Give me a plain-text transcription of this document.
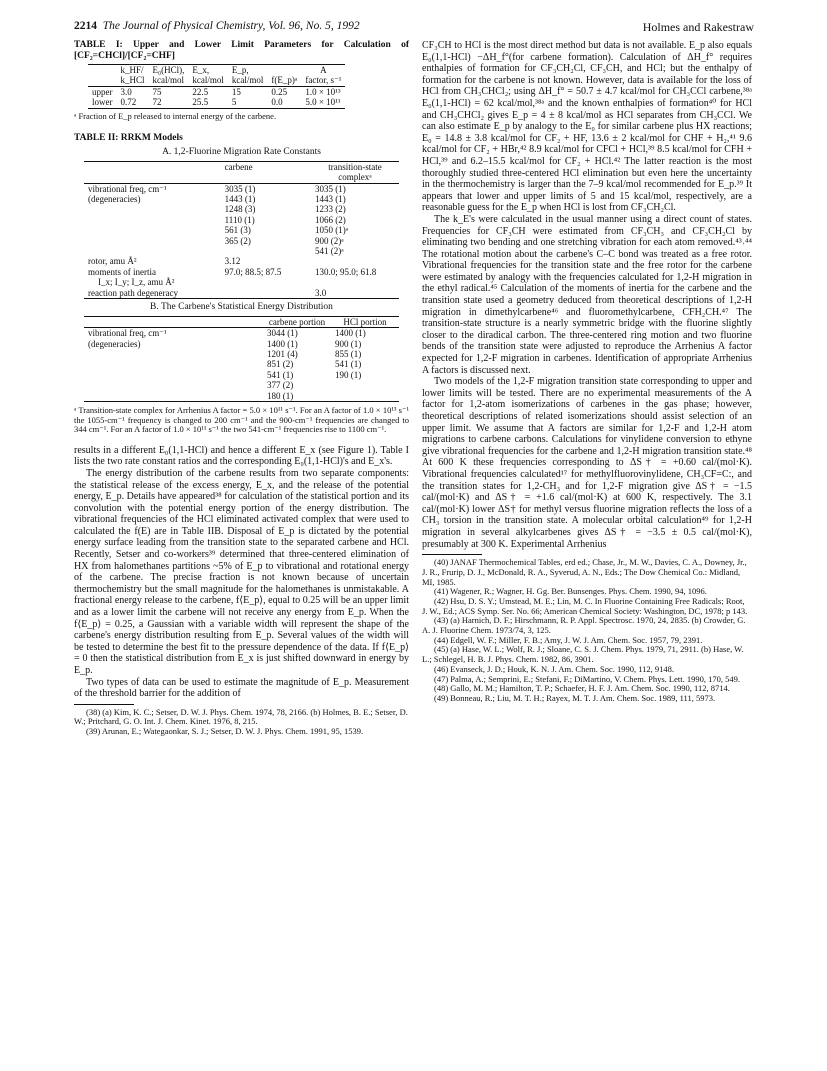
2214 The Journal of Physical Chemistry, Vol. 96, No. 5, 1992	Holmes and Rakestraw

TABLE I: Upper and Lower Limit Parameters for Calculation of [CF₂=CHCl]/[CF₂=CHF]

	k_HF/	E₀(HCl),	E_x,	E_p,		A
	k_HCl	kcal/mol	kcal/mol	kcal/mol	f(E_p)ᵃ	factor, s⁻¹
upper	3.0	75	22.5	15	0.25	1.0 × 10¹³
lower	0.72	72	25.5	5	0.0	5.0 × 10¹¹

ᵃ Fraction of E_p released to internal energy of the carbene.

TABLE II: RRKM Models

A. 1,2-Fluorine Migration Rate Constants
	carbene	transition-state complexᵃ
vibrational freq, cm⁻¹	3035 (1)	3035 (1)
(degeneracies)	1443 (1)	1443 (1)
	1248 (3)	1233 (2)
	1110 (1)	1066 (2)
	561 (3)	1050 (1)ᵃ
	365 (2)	900 (2)ᵃ
		541 (2)ᵃ
rotor, amu Å²	3.12	
moments of inertia	97.0; 88.5; 87.5	130.0; 95.0; 61.8
I_x; I_y; I_z, amu Å²		
reaction path degeneracy		3.0
B. The Carbene's Statistical Energy Distribution
	carbene portion	HCl portion
vibrational freq, cm⁻¹	3044 (1)	1400 (1)
(degeneracies)	1400 (1)	900 (1)
	1201 (4)	855 (1)
	851 (2)	541 (1)
	541 (1)	190 (1)
	377 (2)	
	180 (1)	

ᵃ Transition-state complex for Arrhenius A factor = 5.0 × 10¹¹ s⁻¹. For an A factor of 1.0 × 10¹³ s⁻¹ the 1055-cm⁻¹ frequency is changed to 200 cm⁻¹ and the 900-cm⁻¹ frequencies are changed to 344 cm⁻¹. For an A factor of 1.0 × 10¹¹ s⁻¹ the two 541-cm⁻¹ frequencies rise to 1100 cm⁻¹.

results in a different E₀(1,1-HCl) and hence a different E_x (see Figure 1). Table I lists the two rate constant ratios and the corresponding E₀(1,1-HCl)'s and E_x's.

The energy distribution of the carbene results from two separate components: the statistical release of the excess energy, E_x, and the release of the potential energy, E_p. Details have appeared³⁸ for calculation of the statistical portion and its convolution with the potential energy portion of the energy distribution. The vibrational frequencies of the HCl eliminated activated complex that were used to calculated the f(E) are in Table IIB. Disposal of E_p is dictated by the potential energy surface leading from the transition state to the separated carbene and HCl. Recently, Setser and co-workers³⁹ determined that three-centered elimination of HX from halomethanes partitions ~5% of E_p to vibrational and rotational energy of the carbene. The precise fraction is not known because of uncertain thermochemistry but the small magnitude for the halomethanes is unmistakable. A fractional energy release to the carbene, f⟨E_p⟩, equal to 0.25 will be an upper limit and as a lower limit the carbene will not receive any energy from E_p. When the f⟨E_p⟩ = 0.25, a Gaussian with a variable width will represent the shape of the carbene's energy distribution resulting from E_p. Several values of the width will be tested to determine the best fit to the pressure dependence of the data. If f⟨E_p⟩ = 0 then the statistical distribution from E_x is just shifted downward in energy by E_p.

Two types of data can be used to estimate the magnitude of E_p. Measurement of the threshold barrier for the addition of

(38) (a) Kim, K. C.; Setser, D. W. J. Phys. Chem. 1974, 78, 2166. (b) Holmes, B. E.; Setser, D. W.; Pritchard, G. O. Int. J. Chem. Kinet. 1976, 8, 215.

(39) Arunan, E.; Wategaonkar, S. J.; Setser, D. W. J. Phys. Chem. 1991, 95, 1539.

CF₃CH to HCl is the most direct method but data is not available. E_p also equals E₀(1,1-HCl) −ΔH_f°(for carbene formation). Calculation of ΔH_f° requires enthalpies of formation for CF₃CH₂Cl, CF₃CH, and HCl; but the enthalpy of formation for the carbene is not known. However, data is available for the loss of HCl from CH₃CHCl₂; using ΔH_f° = 50.7 ± 4.7 kcal/mol for CH₃CCl carbene,³⁸ᵃ E₀(1,1-HCl) = 62 kcal/mol,³⁸ᵃ and the known enthalpies of formation⁴⁰ for HCl and CH₃CHCl₂ gives E_p = 4 ± 8 kcal/mol as HCl separates from CH₃CCl. We can also estimate E_p by analogy to the E₀ for similar carbene plus HX reactions; E₀ = 14.8 ± 3.8 kcal/mol for CF₂ + HF, 13.6 ± 2 kcal/mol for CHF + H₂,⁴¹ 9.6 kcal/mol for CF₂ + HBr,⁴² 8.9 kcal/mol for CFCl + HCl,³⁹ 8.5 kcal/mol for CFH + HCl,³⁹ and 6.2–15.5 kcal/mol for CF₂ + HCl.⁴² The latter reaction is the most thoroughly studied three-centered HCl elimination but even here the uncertainty in the thermochemistry is larger than the 7–9 kcal/mol recommended for E_p.³⁹ It appears that lower and upper limits of 5 and 15 kcal/mol, respectively, are a reasonable guess for the E_p when HCl is lost from CF₃CH₂Cl.

The k_E's were calculated in the usual manner using a direct count of states. Frequencies for CF₃CH were estimated from CF₃CH₃ and CF₃CH₂Cl by eliminating two bending and one stretching vibration for each atom removed.⁴³˒⁴⁴ The rotational motion about the carbene's C–C bond was treated as a free rotor. Vibrational frequencies for the transition state and the free rotor for the carbene were estimated by analogy with the frequencies calculated for 1,2-H migration in the ethyl radical.⁴⁵ Calculation of the moments of inertia for the carbene and the transition state used a geometry deduced from theoretical descriptions of 1,2-H migration in dimethylcarbene⁴⁶ and fluoromethylcarbene, CFH₂CH.⁴⁷ The transition-state structure is a nearly symmetric bridge with the fluorine slightly closer to the diradical carbon. The three-centered ring motion and two fluorine bends of the transition state were adjusted to reproduce the Arrhenius A factor expected for 1,2-F migration in carbenes. Identification of appropriate Arrhenius A factors is discussed next.

Two models of the 1,2-F migration transition state corresponding to upper and lower limits will be tested. There are no experimental measurements of the A factor for 1,2-atom isomerizations of carbenes in the gas phase; however, theoretical descriptions of related isomerizations should assist selection of an upper limit. We assume that A factors are similar for 1,2-F and 1,2-H atom migrations to carbene carbons. Calculations for vinylidene conversion to ethyne give vibrational frequencies for the carbene and 1,2-H migration transition state.⁴⁸ At 600 K these frequencies corresponding to ΔS† = +0.60 cal/(mol·K). Vibrational frequencies calculated¹⁷ for methylfluorovinylidene, CH₃CF=C:, and the transition states for 1,2-CH₃ and for 1,2-F migration give ΔS† = −1.5 cal/(mol·K) and ΔS† = +1.6 cal/(mol·K) at 600 K, respectively. The 3.1 cal/(mol·K) lower ΔS† for methyl versus fluorine migration reflects the loss of a CH₃ torsion in the transition state. A molecular orbital calculation⁴⁹ for 1,2-H migration in several alkylcarbenes gives ΔS† = −3.5 ± 0.5 cal/(mol·K), presumably at 300 K. Experimental Arrhenius

(40) JANAF Thermochemical Tables, erd ed.; Chase, Jr., M. W., Davies, C. A., Downey, Jr., J. R., Frurip, D. J., McDonald, R. A., Syverud, A. N., Eds.; The Dow Chemical Co.: Midland, MI, 1985.

(41) Wagener, R.; Wagner, H. Gg. Ber. Bunsenges. Phys. Chem. 1990, 94, 1096.

(42) Hsu, D. S. Y.; Umstead, M. E.; Lin, M. C. In Fluorine Containing Free Radicals; Root, J. W., Ed.; ACS Symp. Ser. No. 66; American Chemical Society: Washington, DC, 1978; p 143.

(43) (a) Harnich, D. F.; Hirschmann, R. P. Appl. Spectrosc. 1970, 24, 2835. (b) Crowder, G. A. J. Fluorine Chem. 1973/74, 3, 125.

(44) Edgell, W. F.; Miller, F. B.; Amy, J. W. J. Am. Chem. Soc. 1957, 79, 2391.

(45) (a) Hase, W. L.; Wolf, R. J.; Sloane, C. S. J. Chem. Phys. 1979, 71, 2911. (b) Hase, W. L.; Schlegel, H. B. J. Phys. Chem. 1982, 86, 3901.

(46) Evanseck, J. D.; Houk, K. N. J. Am. Chem. Soc. 1990, 112, 9148.

(47) Palma, A.; Semprini, E.; Stefani, F.; DiMartino, V. Chem. Phys. Lett. 1990, 170, 549.

(48) Gallo, M. M.; Hamilton, T. P.; Schaefer, H. F. J. Am. Chem. Soc. 1990, 112, 8714.

(49) Bonneau, R.; Liu, M. T. H.; Rayex, M. T. J. Am. Chem. Soc. 1989, 111, 5973.
